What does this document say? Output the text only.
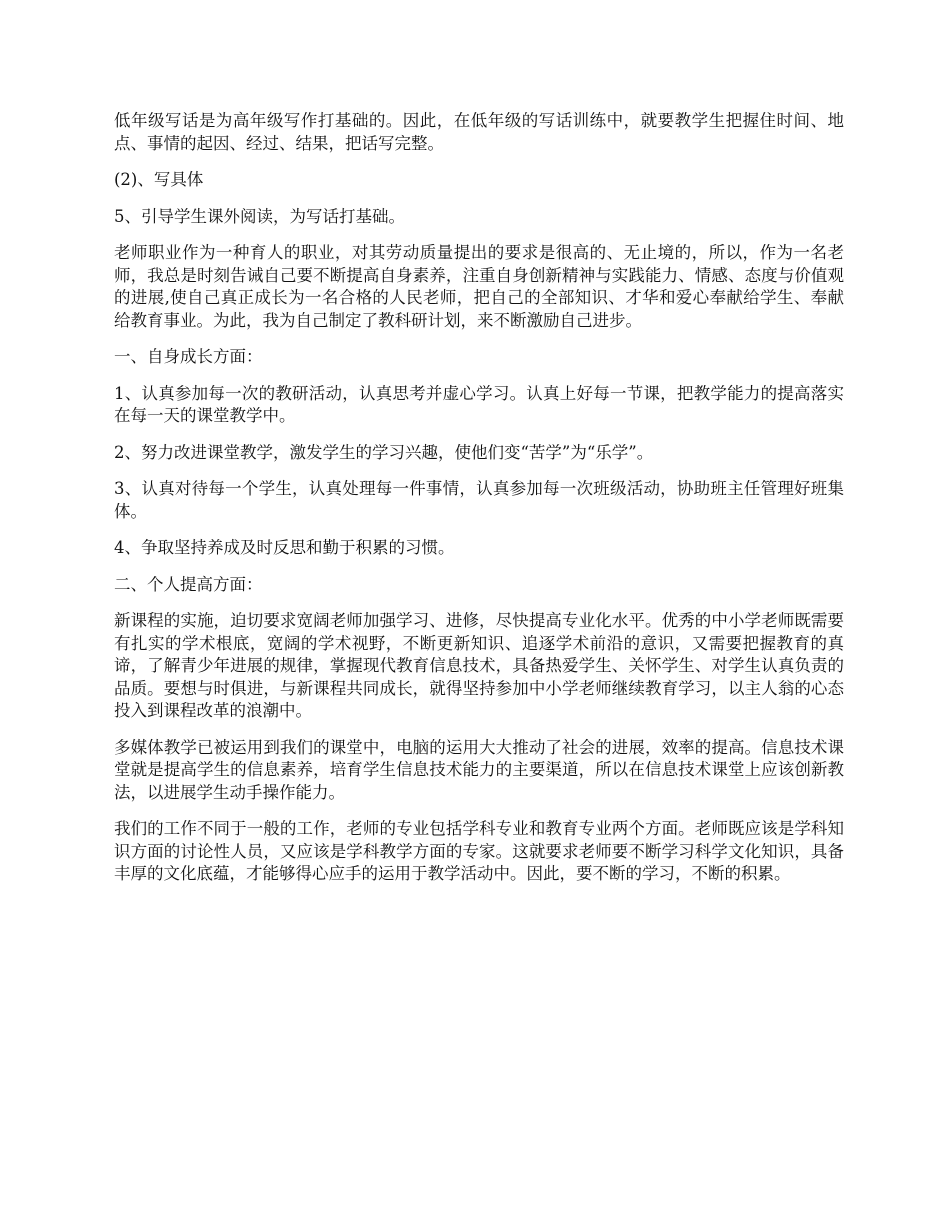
低年级写话是为高年级写作打基础的。因此，在低年级的写话训练中，就要教学生把握住时间、地点、事情的起因、经过、结果，把话写完整。

(2)、写具体

5、引导学生课外阅读，为写话打基础。

老师职业作为一种育人的职业，对其劳动质量提出的要求是很高的、无止境的，所以，作为一名老师，我总是时刻告诫自己要不断提高自身素养，注重自身创新精神与实践能力、情感、态度与价值观的进展,使自己真正成长为一名合格的人民老师，把自己的全部知识、才华和爱心奉献给学生、奉献给教育事业。为此，我为自己制定了教科研计划，来不断激励自己进步。

一、自身成长方面：

1、认真参加每一次的教研活动，认真思考并虚心学习。认真上好每一节课，把教学能力的提高落实在每一天的课堂教学中。

2、努力改进课堂教学，激发学生的学习兴趣，使他们变“苦学”为“乐学”。

3、认真对待每一个学生，认真处理每一件事情，认真参加每一次班级活动，协助班主任管理好班集体。

4、争取坚持养成及时反思和勤于积累的习惯。

二、个人提高方面：

新课程的实施，迫切要求宽阔老师加强学习、进修，尽快提高专业化水平。优秀的中小学老师既需要有扎实的学术根底，宽阔的学术视野，不断更新知识、追逐学术前沿的意识，又需要把握教育的真谛，了解青少年进展的规律，掌握现代教育信息技术，具备热爱学生、关怀学生、对学生认真负责的品质。要想与时俱进，与新课程共同成长，就得坚持参加中小学老师继续教育学习，以主人翁的心态投入到课程改革的浪潮中。

多媒体教学已被运用到我们的课堂中，电脑的运用大大推动了社会的进展，效率的提高。信息技术课堂就是提高学生的信息素养，培育学生信息技术能力的主要渠道，所以在信息技术课堂上应该创新教法，以进展学生动手操作能力。

我们的工作不同于一般的工作，老师的专业包括学科专业和教育专业两个方面。老师既应该是学科知识方面的讨论性人员，又应该是学科教学方面的专家。这就要求老师要不断学习科学文化知识，具备丰厚的文化底蕴，才能够得心应手的运用于教学活动中。因此，要不断的学习，不断的积累。
